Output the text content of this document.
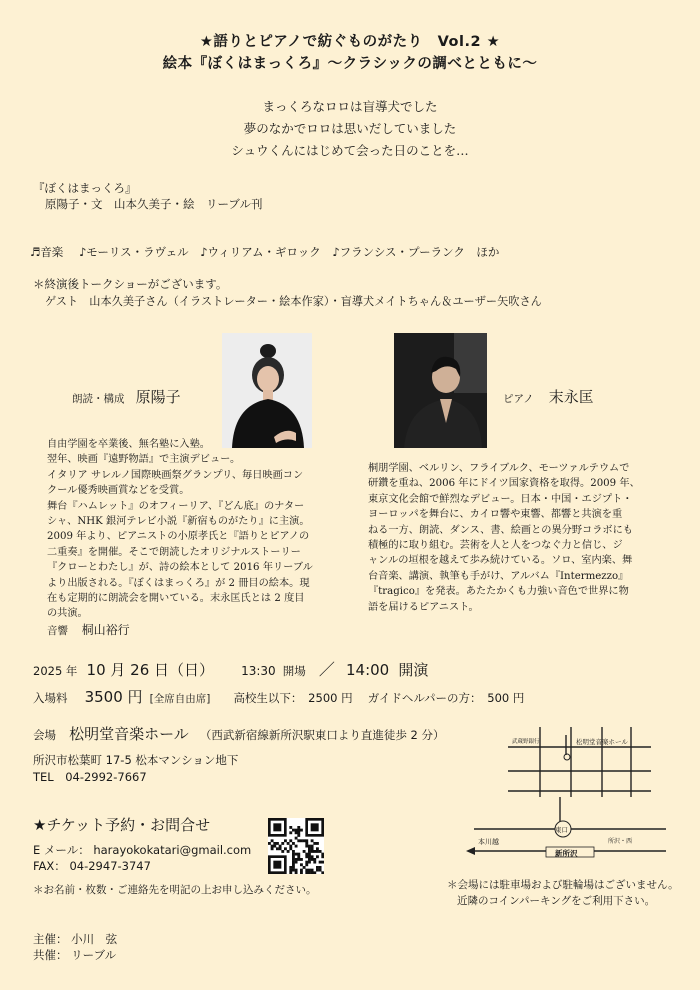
★語りとピアノで紡ぐものがたり　Vol.2 ★
絵本『ぼくはまっくろ』〜クラシックの調べとともに〜
まっくろなロロは盲導犬でした
夢のなかでロロは思いだしていました
シュウくんにはじめて会った日のことを…
『ぼくはまっくろ』
原陽子・文　山本久美子・絵　リーブル刊
♬音楽 ♪モーリス・ラヴェル　♪ウィリアム・ギロック　♪フランシス・プーランク　ほか
＊終演後トークショーがございます。
ゲスト　山本久美子さん（イラストレーター・絵本作家）・盲導犬メイトちゃん＆ユーザー矢吹さん
朗読・構成 原陽子	ピアノ 末永匡
自由学園を卒業後、無名塾に入塾。
翌年、映画『遠野物語』で主演デビュー。
イタリア サレルノ国際映画祭グランプリ、毎日映画コン
クール優秀映画賞などを受賞。
舞台『ハムレット』のオフィーリア、『どん底』のナター
シャ、NHK 銀河テレビ小説『新宿ものがたり』に主演。
2009 年より、ピアニストの小原孝氏と『語りとピアノの
二重奏』を開催。そこで朗読したオリジナルストーリー
『クローとわたし』が、詩の絵本として 2016 年リーブル
より出版される。『ぼくはまっくろ』が 2 冊目の絵本。現
在も定期的に朗読会を開いている。末永匡氏とは 2 度目
の共演。
桐朋学園、ベルリン、フライブルク、モーツァルテウムで
研鑽を重ね、2006 年にドイツ国家資格を取得。2009 年、
東京文化会館で鮮烈なデビュー。日本・中国・エジプト・
ヨーロッパを舞台に、カイロ響や東響、都響と共演を重
ねる一方、朗読、ダンス、書、絵画との異分野コラボにも
積極的に取り組む。芸術を人と人をつなぐ力と信じ、ジ
ャンルの垣根を越えて歩み続けている。ソロ、室内楽、舞
台音楽、講演、執筆も手がけ、アルバム『Intermezzo』
『tragico』を発表。あたたかくも力強い音色で世界に物
語を届けるピアニスト。
音響 桐山裕行
2025 年 10 月 26 日（日） 13:30 開場 ／ 14:00 開演
入場料 3500 円 [全席自由席] 高校生以下：　2500 円 ガイドヘルパーの方：　500 円
会場 松明堂音楽ホール （西武新宿線新所沢駅東口より直進徒歩 2 分）
所沢市松葉町 17-5 松本マンション地下
TEL　04-2992-7667
★チケット予約・お問合せ
E メール： harayokokatari@gmail.com
FAX： 04-2947-3747
＊お名前・枚数・ご連絡先を明記の上お申し込みください。
主催： 小川　弦
共催： リーブル
武蔵野銀行	松明堂音楽ホール
本川越	所沢・西
東口
新所沢
＊会場には駐車場および駐輪場はございません。
近隣のコインパーキングをご利用下さい。
